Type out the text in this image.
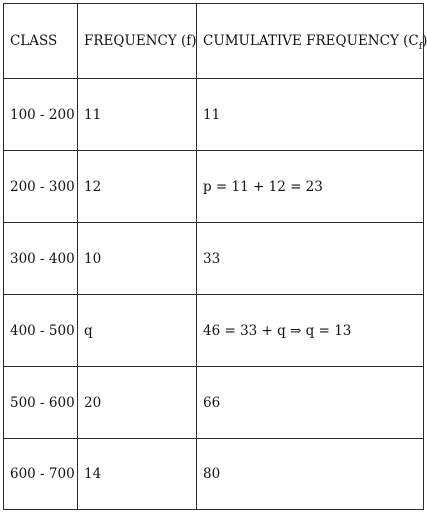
CLASS	FREQUENCY (f)	CUMULATIVE FREQUENCY $(C_f)$
100 - 200	11	11
200 - 300	12	p = 11 + 12 = 23
300 - 400	10	33
400 - 500	q	46 = 33 + q ⇒ q = 13
500 - 600	20	66
600 - 700	14	80
